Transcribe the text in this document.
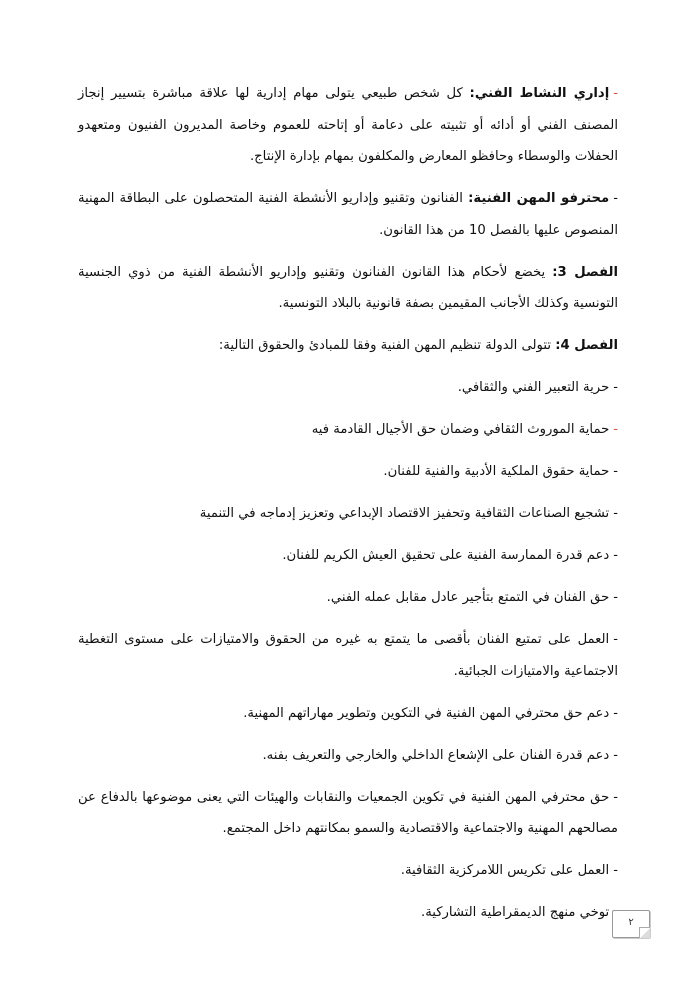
-إداري النشاط الفني: كل شخص طبيعي يتولى مهام إدارية لها علاقة مباشرة بتسيير إنجاز المصنف الفني أو أدائه أو تثبيته على دعامة أو إتاحته للعموم وخاصة المديرون الفنيون ومتعهدو الحفلات والوسطاء وحافظو المعارض والمكلفون بمهام بإدارة الإنتاج.

-محترفو المهن الفنية: الفنانون وتقنيو وإداريو الأنشطة الفنية المتحصلون على البطاقة المهنية المنصوص عليها بالفصل 10 من هذا القانون.

الفصل 3: يخضع لأحكام هذا القانون الفنانون وتقنيو وإداريو الأنشطة الفنية من ذوي الجنسية التونسية وكذلك الأجانب المقيمين بصفة قانونية بالبلاد التونسية.

الفصل 4: تتولى الدولة تنظيم المهن الفنية وفقا للمبادئ والحقوق التالية:

-حرية التعبير الفني والثقافي.

-حماية الموروث الثقافي وضمان حق الأجيال القادمة فيه

-حماية حقوق الملكية الأدبية والفنية للفنان.

-تشجيع الصناعات الثقافية وتحفيز الاقتصاد الإبداعي وتعزيز إدماجه في التنمية

-دعم قدرة الممارسة الفنية على تحقيق العيش الكريم للفنان.

-حق الفنان في التمتع بتأجير عادل مقابل عمله الفني.

-العمل على تمتيع الفنان بأقصى ما يتمتع به غيره من الحقوق والامتيازات على مستوى التغطية الاجتماعية والامتيازات الجبائية.

-دعم حق محترفي المهن الفنية في التكوين وتطوير مهاراتهم المهنية.

-دعم قدرة الفنان على الإشعاع الداخلي والخارجي والتعريف بفنه.

-حق محترفي المهن الفنية في تكوين الجمعيات والنقابات والهيئات التي يعنى موضوعها بالدفاع عن مصالحهم المهنية والاجتماعية والاقتصادية والسمو بمكانتهم داخل المجتمع.

-العمل على تكريس اللامركزية الثقافية.

توخي منهج الديمقراطية التشاركية.

٢
